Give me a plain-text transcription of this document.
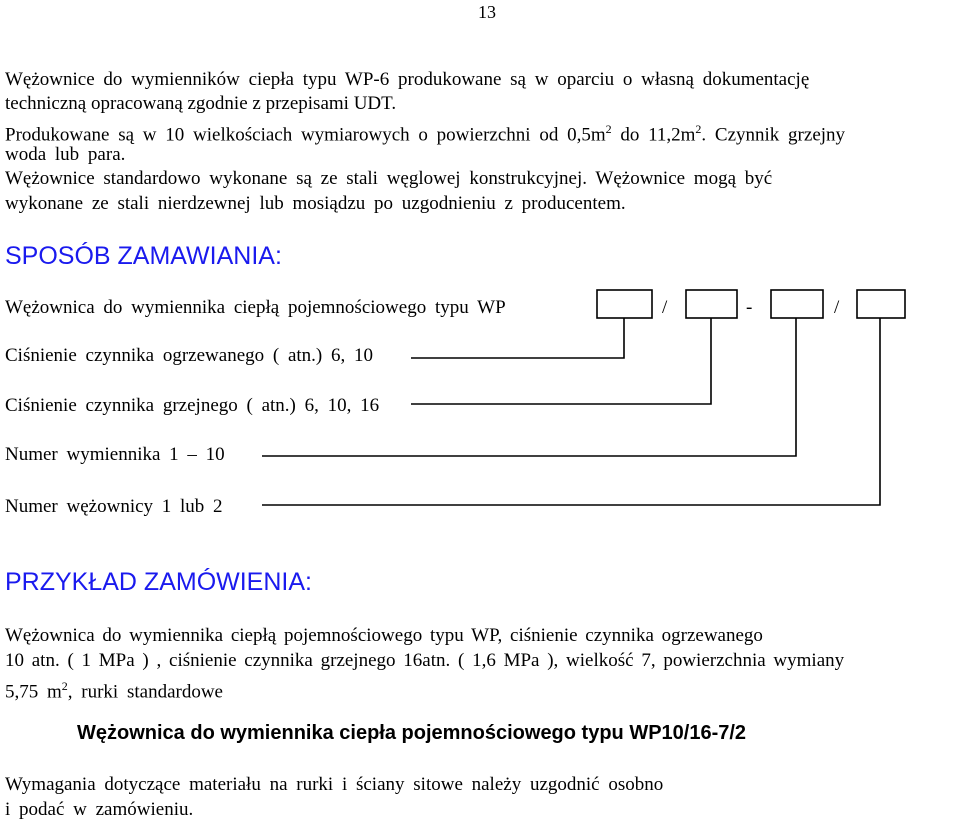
13
Wężownice do wymienników ciepła typu WP-6 produkowane są w oparciu o własną dokumentację
techniczną opracowaną zgodnie z przepisami UDT.
Produkowane są w 10 wielkościach wymiarowych o powierzchni od $0,5m^2$ do $11,2m^2$. Czynnik grzejny
woda lub para.
Wężownice standardowo wykonane są ze stali węglowej konstrukcyjnej. Wężownice mogą być
wykonane ze stali nierdzewnej lub mosiądzu po uzgodnieniu z producentem.
SPOSÓB ZAMAWIANIA:
Wężownica do wymiennika ciepłą pojemnościowego typu WP	/	-	/
Ciśnienie czynnika ogrzewanego ( atn.) 6, 10
Ciśnienie czynnika grzejnego ( atn.) 6, 10, 16
Numer wymiennika 1 – 10
Numer wężownicy 1 lub 2
PRZYKŁAD ZAMÓWIENIA:
Wężownica do wymiennika ciepłą pojemnościowego typu WP, ciśnienie czynnika ogrzewanego
10 atn. ( 1 MPa ) , ciśnienie czynnika grzejnego 16atn. ( 1,6 MPa ), wielkość 7, powierzchnia wymiany
5,75 $m^2$, rurki standardowe
Wężownica do wymiennika ciepła pojemnościowego typu WP10/16-7/2
Wymagania dotyczące materiału na rurki i ściany sitowe należy uzgodnić osobno
i podać w zamówieniu.
